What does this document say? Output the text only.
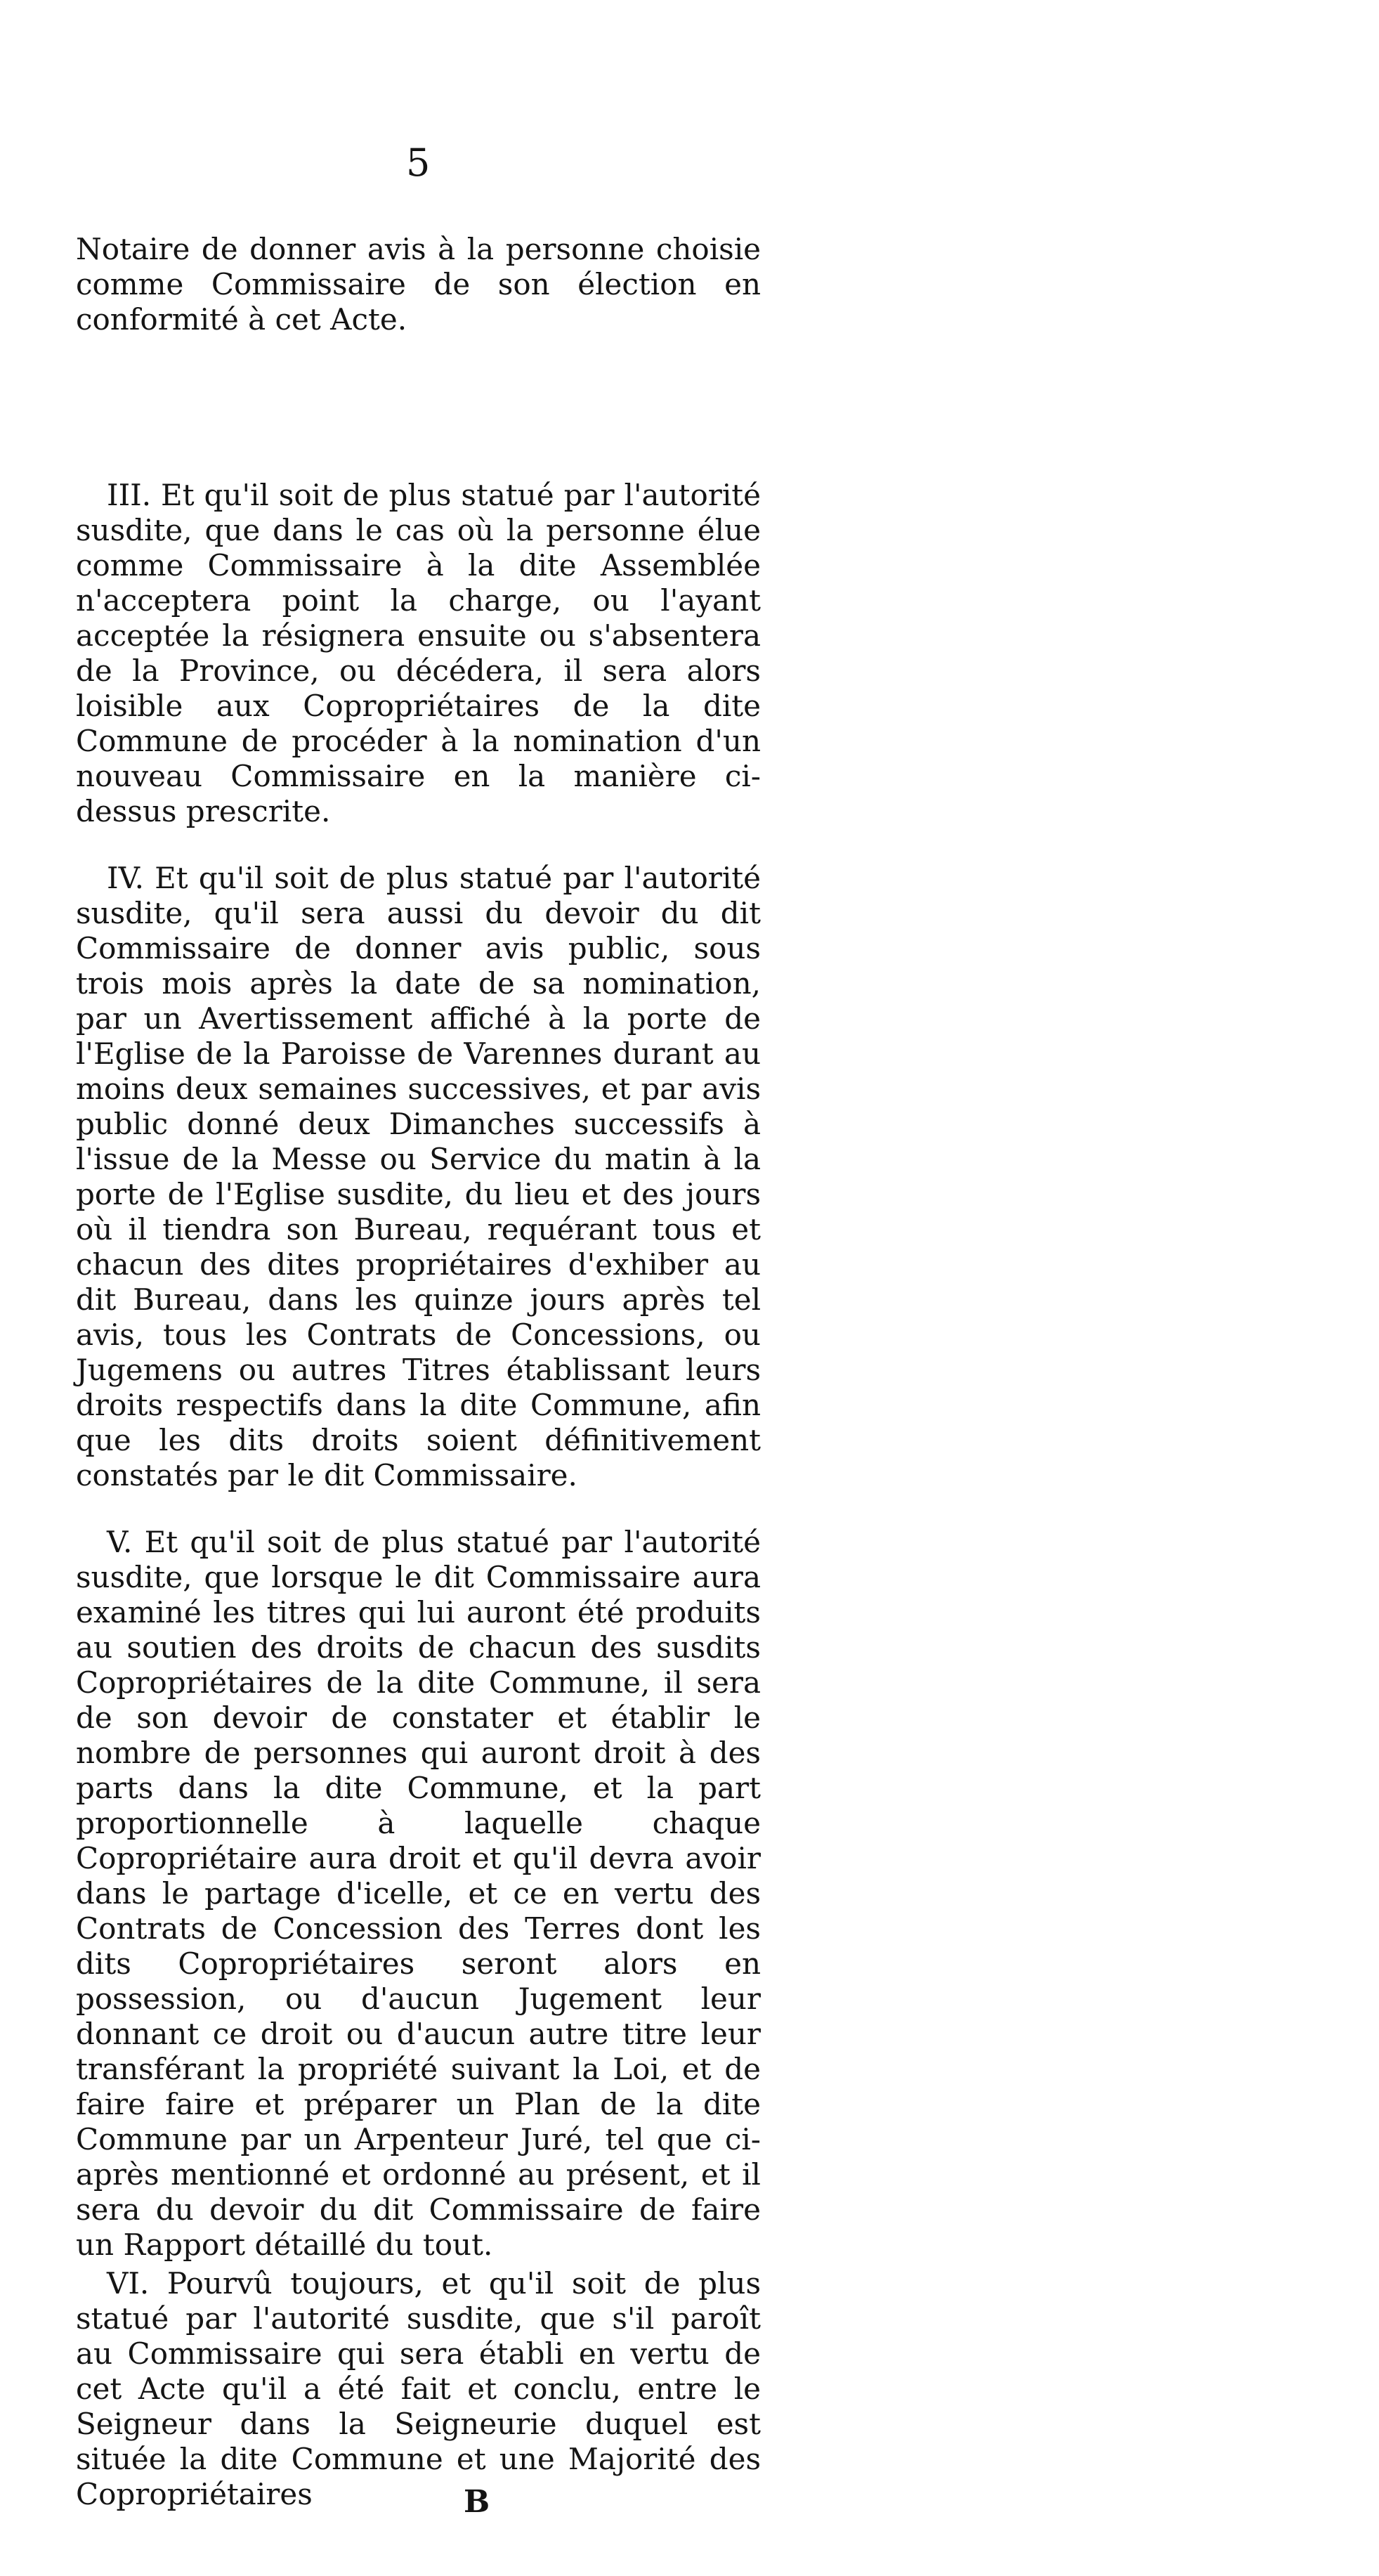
5

Notaire de donner avis à la personne choisie comme Commissaire de son élection en conformité à cet Acte.

III. Et qu'il soit de plus statué par l'autorité susdite, que dans le cas où la personne élue comme Commissaire à la dite Assemblée n'acceptera point la charge, ou l'ayant acceptée la résignera ensuite ou s'absentera de la Province, ou décédera, il sera alors loisible aux Copropriétaires de la dite Commune de procéder à la nomination d'un nouveau Commissaire en la manière ci-dessus prescrite.

IV. Et qu'il soit de plus statué par l'autorité susdite, qu'il sera aussi du devoir du dit Commissaire de donner avis public, sous trois mois après la date de sa nomination, par un Avertissement affiché à la porte de l'Eglise de la Paroisse de Varennes durant au moins deux semaines successives, et par avis public donné deux Dimanches successifs à l'issue de la Messe ou Service du matin à la porte de l'Eglise susdite, du lieu et des jours où il tiendra son Bureau, requérant tous et chacun des dites propriétaires d'exhiber au dit Bureau, dans les quinze jours après tel avis, tous les Contrats de Concessions, ou Jugemens ou autres Titres établissant leurs droits respectifs dans la dite Commune, afin que les dits droits soient définitivement constatés par le dit Commissaire.

V. Et qu'il soit de plus statué par l'autorité susdite, que lorsque le dit Commissaire aura examiné les titres qui lui auront été produits au soutien des droits de chacun des susdits Copropriétaires de la dite Commune, il sera de son devoir de constater et établir le nombre de personnes qui auront droit à des parts dans la dite Commune, et la part proportionnelle à laquelle chaque Copropriétaire aura droit et qu'il devra avoir dans le partage d'icelle, et ce en vertu des Contrats de Concession des Terres dont les dits Copropriétaires seront alors en possession, ou d'aucun Jugement leur donnant ce droit ou d'aucun autre titre leur transférant la propriété suivant la Loi, et de faire faire et préparer un Plan de la dite Commune par un Arpenteur Juré, tel que ci-après mentionné et ordonné au présent, et il sera du devoir du dit Commissaire de faire un Rapport détaillé du tout.

VI. Pourvû toujours, et qu'il soit de plus statué par l'autorité susdite, que s'il paroît au Commissaire qui sera établi en vertu de cet Acte qu'il a été fait et conclu, entre le Seigneur dans la Seigneurie duquel est située la dite Commune et une Majorité des Copropriétaires	B
